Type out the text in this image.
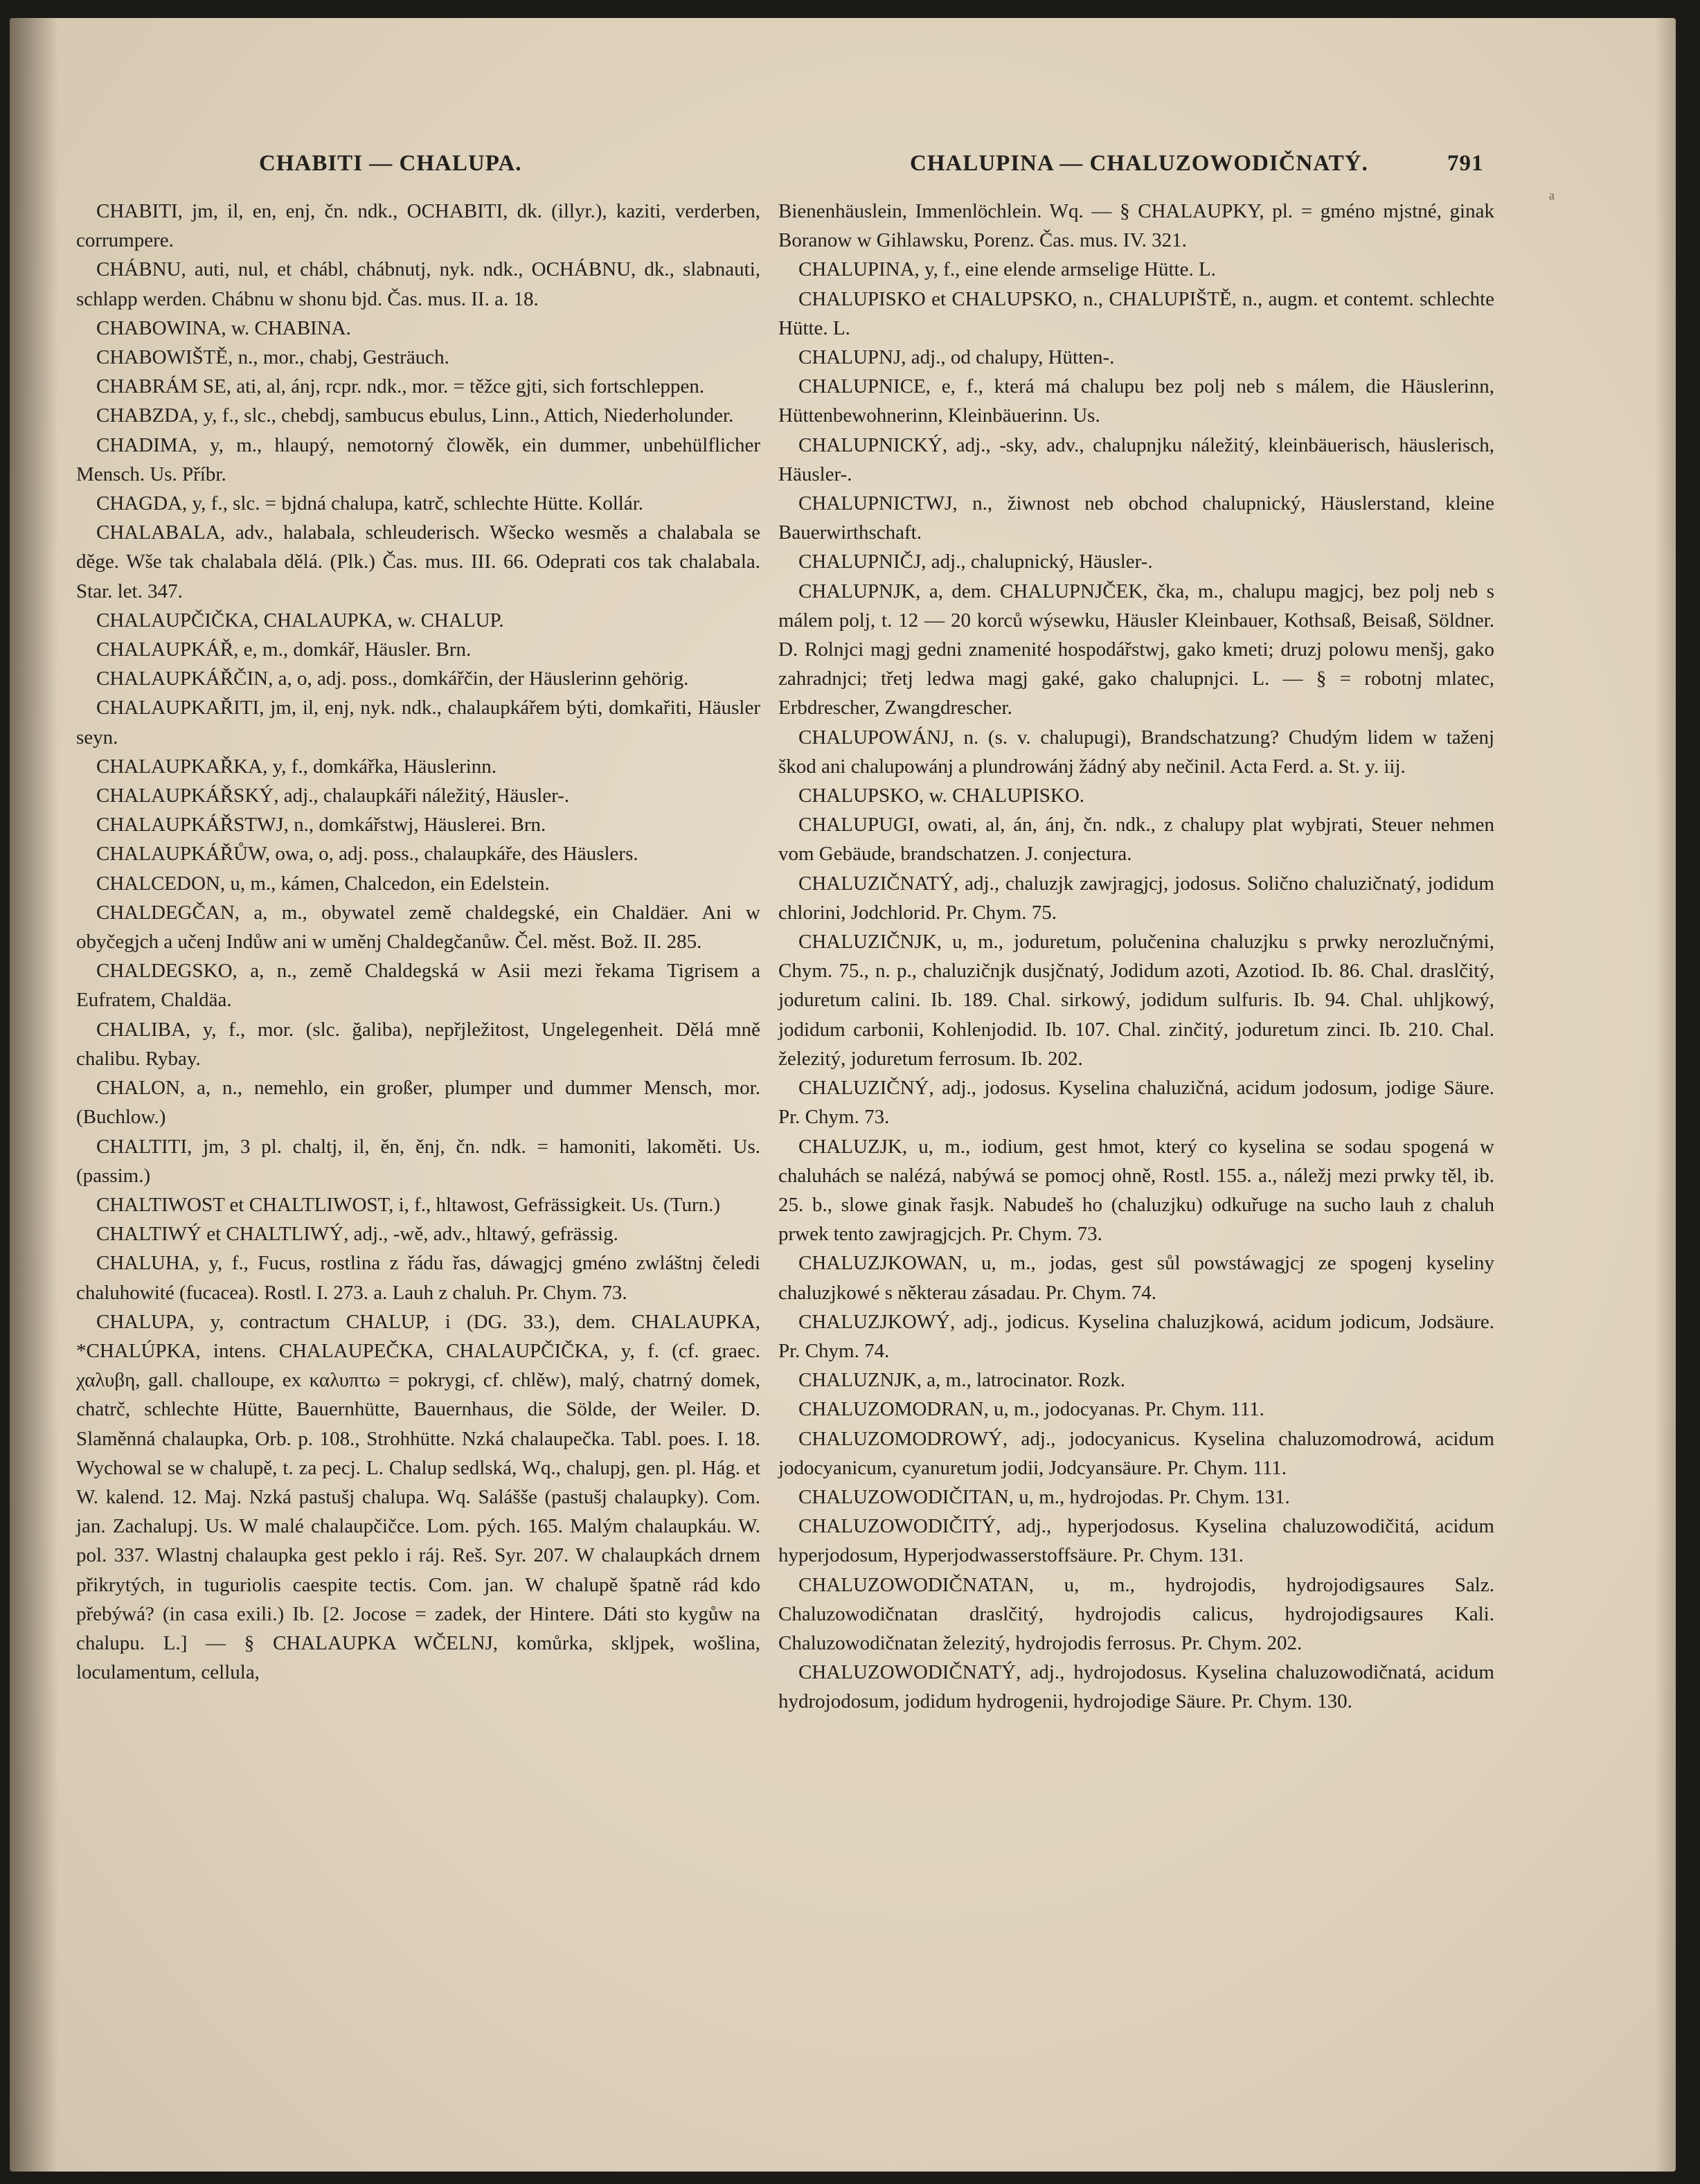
CHABITI — CHALUPA.	CHALUPINA — CHALUZOWODIČNATÝ.	791
a

CHABITI, jm, il, en, enj, čn. ndk., OCHABITI, dk. (illyr.), kaziti, verderben, corrumpere.

CHÁBNU, auti, nul, et chábl, chábnutj, nyk. ndk., OCHÁBNU, dk., slabnauti, schlapp werden. Chábnu w shonu bjd. Čas. mus. II. a. 18.

CHABOWINA, w. CHABINA.

CHABOWIŠTĚ, n., mor., chabj, Gesträuch.

CHABRÁM SE, ati, al, ánj, rcpr. ndk., mor. = těžce gjti, sich fortschleppen.

CHABZDA, y, f., slc., chebdj, sambucus ebulus, Linn., Attich, Niederholunder.

CHADIMA, y, m., hlaupý, nemotorný člowěk, ein dummer, unbehülflicher Mensch. Us. Příbr.

CHAGDA, y, f., slc. = bjdná chalupa, katrč, schlechte Hütte. Kollár.

CHALABALA, adv., halabala, schleuderisch. Wšecko wesměs a chalabala se děge. Wše tak chalabala dělá. (Plk.) Čas. mus. III. 66. Odeprati cos tak chalabala. Star. let. 347.

CHALAUPČIČKA, CHALAUPKA, w. CHALUP.

CHALAUPKÁŘ, e, m., domkář, Häusler. Brn.

CHALAUPKÁŘČIN, a, o, adj. poss., domkářčin, der Häuslerinn gehörig.

CHALAUPKAŘITI, jm, il, enj, nyk. ndk., chalaupkářem býti, domkařiti, Häusler seyn.

CHALAUPKAŘKA, y, f., domkářka, Häuslerinn.

CHALAUPKÁŘSKÝ, adj., chalaupkáři náležitý, Häusler-.

CHALAUPKÁŘSTWJ, n., domkářstwj, Häuslerei. Brn.

CHALAUPKÁŘŮW, owa, o, adj. poss., chalaupkáře, des Häuslers.

CHALCEDON, u, m., kámen, Chalcedon, ein Edelstein.

CHALDEGČAN, a, m., obywatel země chaldegské, ein Chaldäer. Ani w obyčegjch a učenj Indůw ani w uměnj Chaldegčanůw. Čel. měst. Bož. II. 285.

CHALDEGSKO, a, n., země Chaldegská w Asii mezi řekama Tigrisem a Eufratem, Chaldäa.

CHALIBA, y, f., mor. (slc. ğaliba), nepřjležitost, Ungelegenheit. Dělá mně chalibu. Rybay.

CHALON, a, n., nemehlo, ein großer, plumper und dummer Mensch, mor. (Buchlow.)

CHALTITI, jm, 3 pl. chaltj, il, ěn, ěnj, čn. ndk. = hamoniti, lakoměti. Us. (passim.)

CHALTIWOST et CHALTLIWOST, i, f., hltawost, Gefrässigkeit. Us. (Turn.)

CHALTIWÝ et CHALTLIWÝ, adj., -wě, adv., hltawý, gefrässig.

CHALUHA, y, f., Fucus, rostlina z řádu řas, dáwagjcj gméno zwláštnj čeledi chaluhowité (fucacea). Rostl. I. 273. a. Lauh z chaluh. Pr. Chym. 73.

CHALUPA, y, contractum CHALUP, i (DG. 33.), dem. CHALAUPKA, *CHALÚPKA, intens. CHALAUPEČKA, CHALAUPČIČKA, y, f. (cf. graec. χαλυβη, gall. challoupe, ex καλυπτω = pokrygi, cf. chlěw), malý, chatrný domek, chatrč, schlechte Hütte, Bauernhütte, Bauernhaus, die Sölde, der Weiler. D. Slaměnná chalaupka, Orb. p. 108., Strohhütte. Nzká chalaupečka. Tabl. poes. I. 18. Wychowal se w chalupě, t. za pecj. L. Chalup sedlská, Wq., chalupj, gen. pl. Hág. et W. kalend. 12. Maj. Nzká pastušj chalupa. Wq. Salášše (pastušj chalaupky). Com. jan. Zachalupj. Us. W malé chalaupčičce. Lom. pých. 165. Malým chalaupkáu. W. pol. 337. Wlastnj chalaupka gest peklo i ráj. Reš. Syr. 207. W chalaupkách drnem přikrytých, in tuguriolis caespite tectis. Com. jan. W chalupě špatně rád kdo přebýwá? (in casa exili.) Ib. [2. Jocose = zadek, der Hintere. Dáti sto kygůw na chalupu. L.] — § CHALAUPKA WČELNJ, komůrka, skljpek, wošlina, loculamentum, cellula,

Bienenhäuslein, Immenlöchlein. Wq. — § CHALAUPKY, pl. = gméno mjstné, ginak Boranow w Gihlawsku, Porenz. Čas. mus. IV. 321.

CHALUPINA, y, f., eine elende armselige Hütte. L.

CHALUPISKO et CHALUPSKO, n., CHALUPIŠTĚ, n., augm. et contemt. schlechte Hütte. L.

CHALUPNJ, adj., od chalupy, Hütten-.

CHALUPNICE, e, f., která má chalupu bez polj neb s málem, die Häuslerinn, Hüttenbewohnerinn, Kleinbäuerinn. Us.

CHALUPNICKÝ, adj., -sky, adv., chalupnjku náležitý, kleinbäuerisch, häuslerisch, Häusler-.

CHALUPNICTWJ, n., žiwnost neb obchod chalupnický, Häuslerstand, kleine Bauerwirthschaft.

CHALUPNIČJ, adj., chalupnický, Häusler-.

CHALUPNJK, a, dem. CHALUPNJČEK, čka, m., chalupu magjcj, bez polj neb s málem polj, t. 12 — 20 korců wýsewku, Häusler Kleinbauer, Kothsaß, Beisaß, Söldner. D. Rolnjci magj gedni znamenité hospodářstwj, gako kmeti; druzj polowu menšj, gako zahradnjci; třetj ledwa magj gaké, gako chalupnjci. L. — § = robotnj mlatec, Erbdrescher, Zwangdrescher.

CHALUPOWÁNJ, n. (s. v. chalupugi), Brandschatzung? Chudým lidem w taženj škod ani chalupowánj a plundrowánj žádný aby nečinil. Acta Ferd. a. St. y. iij.

CHALUPSKO, w. CHALUPISKO.

CHALUPUGI, owati, al, án, ánj, čn. ndk., z chalupy plat wybjrati, Steuer nehmen vom Gebäude, brandschatzen. J. conjectura.

CHALUZIČNATÝ, adj., chaluzjk zawjragjcj, jodosus. Solično chaluzičnatý, jodidum chlorini, Jodchlorid. Pr. Chym. 75.

CHALUZIČNJK, u, m., joduretum, polučenina chaluzjku s prwky nerozlučnými, Chym. 75., n. p., chaluzičnjk dusjčnatý, Jodidum azoti, Azotiod. Ib. 86. Chal. draslčitý, joduretum calini. Ib. 189. Chal. sirkowý, jodidum sulfuris. Ib. 94. Chal. uhljkowý, jodidum carbonii, Kohlenjodid. Ib. 107. Chal. zinčitý, joduretum zinci. Ib. 210. Chal. železitý, joduretum ferrosum. Ib. 202.

CHALUZIČNÝ, adj., jodosus. Kyselina chaluzičná, acidum jodosum, jodige Säure. Pr. Chym. 73.

CHALUZJK, u, m., iodium, gest hmot, který co kyselina se sodau spogená w chaluhách se nalézá, nabýwá se pomocj ohně, Rostl. 155. a., náležj mezi prwky těl, ib. 25. b., slowe ginak řasjk. Nabudeš ho (chaluzjku) odkuřuge na sucho lauh z chaluh prwek tento zawjragjcjch. Pr. Chym. 73.

CHALUZJKOWAN, u, m., jodas, gest sůl powstáwagjcj ze spogenj kyseliny chaluzjkowé s některau zásadau. Pr. Chym. 74.

CHALUZJKOWÝ, adj., jodicus. Kyselina chaluzjkowá, acidum jodicum, Jodsäure. Pr. Chym. 74.

CHALUZNJK, a, m., latrocinator. Rozk.

CHALUZOMODRAN, u, m., jodocyanas. Pr. Chym. 111.

CHALUZOMODROWÝ, adj., jodocyanicus. Kyselina chaluzomodrowá, acidum jodocyanicum, cyanuretum jodii, Jodcyansäure. Pr. Chym. 111.

CHALUZOWODIČITAN, u, m., hydrojodas. Pr. Chym. 131.

CHALUZOWODIČITÝ, adj., hyperjodosus. Kyselina chaluzowodičitá, acidum hyperjodosum, Hyperjodwasserstoffsäure. Pr. Chym. 131.

CHALUZOWODIČNATAN, u, m., hydrojodis, hydrojodigsaures Salz. Chaluzowodičnatan draslčitý, hydrojodis calicus, hydrojodigsaures Kali. Chaluzowodičnatan železitý, hydrojodis ferrosus. Pr. Chym. 202.

CHALUZOWODIČNATÝ, adj., hydrojodosus. Kyselina chaluzowodičnatá, acidum hydrojodosum, jodidum hydrogenii, hydrojodige Säure. Pr. Chym. 130.
